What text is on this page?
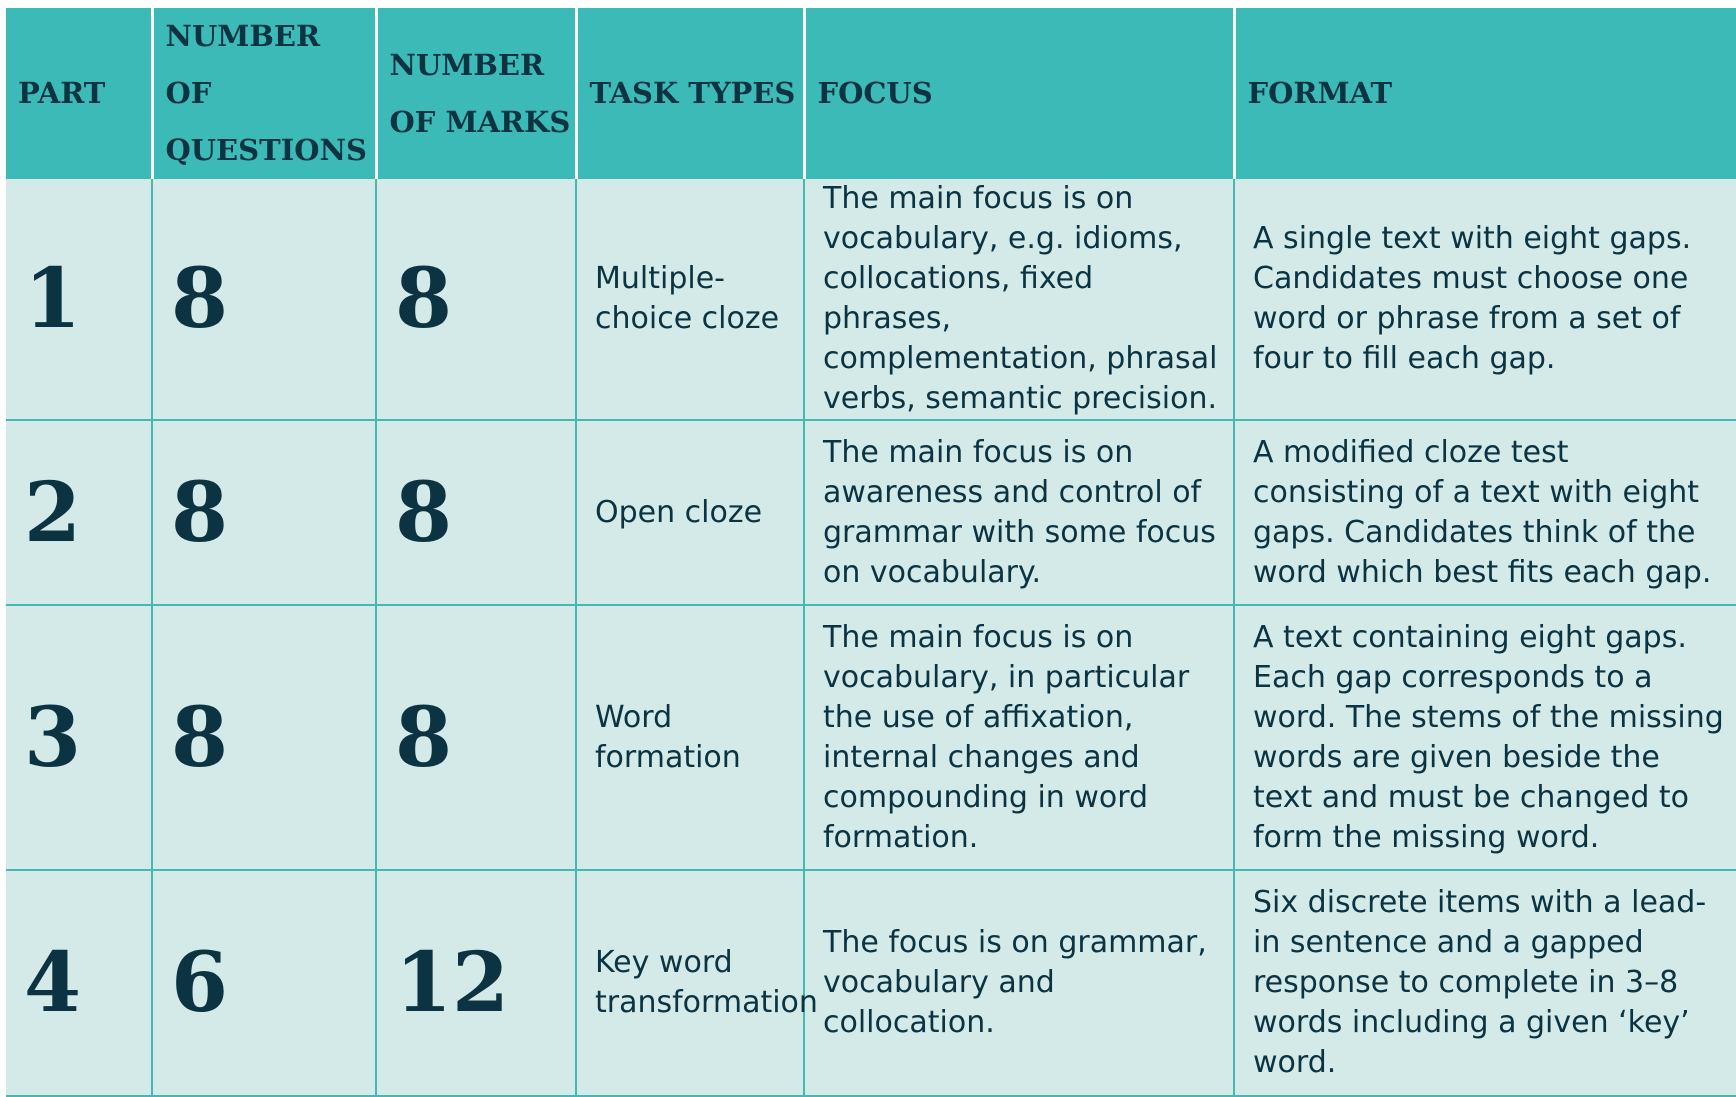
PART	NUMBER OF QUESTIONS	NUMBER OF MARKS	TASK TYPES	FOCUS	FORMAT
1	8	8	Multiple-choice cloze	The main focus is on vocabulary, e.g. idioms, collocations, fixed phrases, complementation, phrasal verbs, semantic precision.	A single text with eight gaps. Candidates must choose one word or phrase from a set of four to fill each gap.
2	8	8	Open cloze	The main focus is on awareness and control of grammar with some focus on vocabulary.	A modified cloze test consisting of a text with eight gaps. Candidates think of the word which best fits each gap.
3	8	8	Word formation	The main focus is on vocabulary, in particular the use of affixation, internal changes and compounding in word formation.	A text containing eight gaps. Each gap corresponds to a word. The stems of the missing words are given beside the text and must be changed to form the missing word.
4	6	12	Key word transformation	The focus is on grammar, vocabulary and collocation.	Six discrete items with a lead-in sentence and a gapped response to complete in 3–8 words including a given ‘key’ word.
